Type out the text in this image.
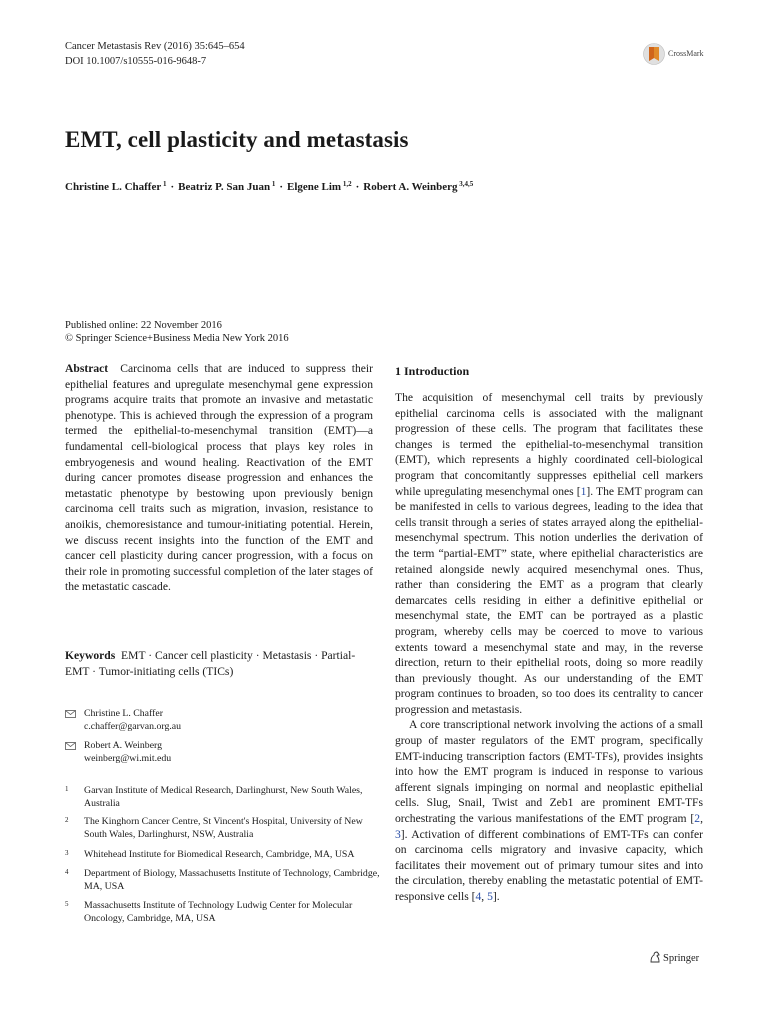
Cancer Metastasis Rev (2016) 35:645–654
DOI 10.1007/s10555-016-9648-7
CrossMark
EMT, cell plasticity and metastasis
Christine L. Chaffer $^1$ · Beatriz P. San Juan $^1$ · Elgene Lim $^{1,2}$ · Robert A. Weinberg $^{3,4,5}$
Published online: 22 November 2016
© Springer Science+Business Media New York 2016

Abstract Carcinoma cells that are induced to suppress their epithelial features and upregulate mesenchymal gene expression programs acquire traits that promote an invasive and metastatic phenotype. This is achieved through the expression of a program termed the epithelial-to-mesenchymal transition (EMT)—a fundamental cell-biological process that plays key roles in embryogenesis and wound healing. Reactivation of the EMT during cancer promotes disease progression and enhances the metastatic phenotype by bestowing upon previously benign carcinoma cell traits such as migration, invasion, resistance to anoikis, chemoresistance and tumour-initiating potential. Herein, we discuss recent insights into the function of the EMT and cancer cell plasticity during cancer progression, with a focus on their role in promoting successful completion of the later stages of the metastatic cascade.

Keywords EMT · Cancer cell plasticity · Metastasis · Partial-EMT · Tumor-initiating cells (TICs)
Christine L. Chaffer
c.chaffer@garvan.org.au
Robert A. Weinberg
weinberg@wi.mit.edu
1 Garvan Institute of Medical Research, Darlinghurst, New South Wales, Australia
2 The Kinghorn Cancer Centre, St Vincent's Hospital, University of New South Wales, Darlinghurst, NSW, Australia
3 Whitehead Institute for Biomedical Research, Cambridge, MA, USA
4 Department of Biology, Massachusetts Institute of Technology, Cambridge, MA, USA
5 Massachusetts Institute of Technology Ludwig Center for Molecular Oncology, Cambridge, MA, USA
1 Introduction

The acquisition of mesenchymal cell traits by previously epithelial carcinoma cells is associated with the malignant progression of these cells. The program that facilitates these changes is termed the epithelial-to-mesenchymal transition (EMT), which represents a highly coordinated cell-biological program that concomitantly suppresses epithelial cell markers while upregulating mesenchymal ones [1]. The EMT program can be manifested in cells to various degrees, leading to the idea that cells transit through a series of states arrayed along the epithelial-mesenchymal spectrum. This notion underlies the derivation of the term “partial-EMT” state, where epithelial characteristics are retained alongside newly acquired mesenchymal ones. Thus, rather than considering the EMT as a program that clearly demarcates cells residing in either a definitive epithelial or mesenchymal state, the EMT can be portrayed as a plastic program, whereby cells may be coerced to move to various extents toward a mesenchymal state and may, in the reverse direction, return to their epithelial roots, doing so more readily than previously thought. As our understanding of the EMT program continues to broaden, so too does its centrality to cancer progression and metastasis.

A core transcriptional network involving the actions of a small group of master regulators of the EMT program, specifically EMT-inducing transcription factors (EMT-TFs), provides insights into how the EMT program is induced in response to various afferent signals impinging on normal and neoplastic epithelial cells. Slug, Snail, Twist and Zeb1 are prominent EMT-TFs orchestrating the various manifestations of the EMT program [2, 3]. Activation of different combinations of EMT-TFs can confer on carcinoma cells migratory and invasive capacity, which facilitates their movement out of primary tumour sites and into the circulation, thereby enabling the metastatic potential of EMT-responsive cells [4, 5].

Springer
